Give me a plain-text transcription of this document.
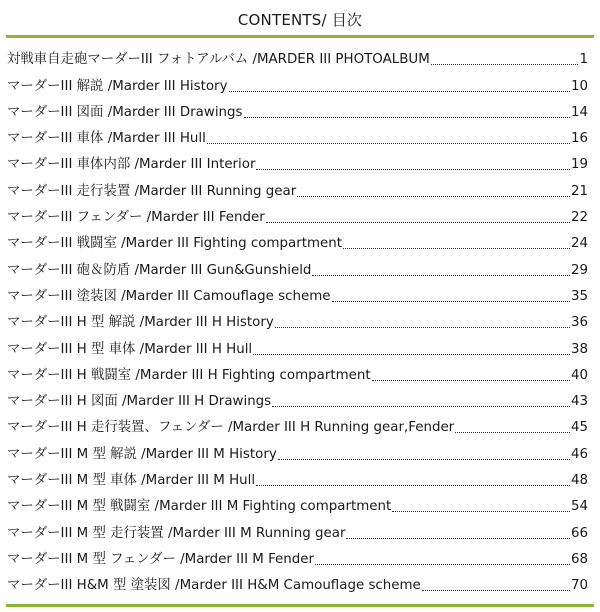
CONTENTS/ 目次
対戦車自走砲マーダーIII フォトアルバム /MARDER III PHOTOALBUM	1
マーダーIII 解説 /Marder III History	10
マーダーIII 図面 /Marder III Drawings	14
マーダーIII 車体 /Marder III Hull	16
マーダーIII 車体内部 /Marder III Interior	19
マーダーIII 走行装置 /Marder III Running gear	21
マーダーIII フェンダー /Marder III Fender	22
マーダーIII 戦闘室 /Marder III Fighting compartment	24
マーダーIII 砲＆防盾 /Marder III Gun&Gunshield	29
マーダーIII 塗装図 /Marder III Camouflage scheme	35
マーダーIII H 型 解説 /Marder III H History	36
マーダーIII H 型 車体 /Marder III H Hull	38
マーダーIII H 戦闘室 /Marder III H Fighting compartment	40
マーダーIII H 図面 /Marder III H Drawings	43
マーダーIII H 走行装置、フェンダー /Marder III H Running gear,Fender	45
マーダーIII M 型 解説 /Marder III M History	46
マーダーIII M 型 車体 /Marder III M Hull	48
マーダーIII M 型 戦闘室 /Marder III M Fighting compartment	54
マーダーIII M 型 走行装置 /Marder III M Running gear	66
マーダーIII M 型 フェンダー /Marder III M Fender	68
マーダーIII H&M 型 塗装図 /Marder III H&M Camouflage scheme	70
